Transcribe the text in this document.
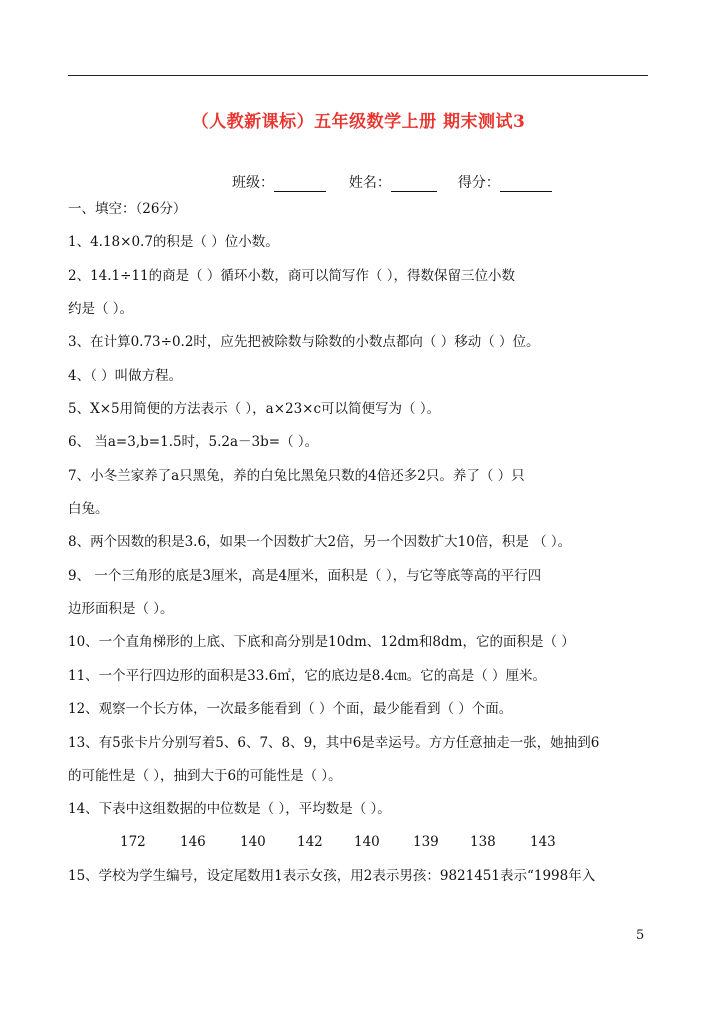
（人教新课标）五年级数学上册 期末测试3
班级：	姓名：	得分：
一、填空：（26分）
1、4.18×0.7的积是（ ）位小数。
2、14.1÷11的商是（ ）循环小数，商可以简写作（ ），得数保留三位小数
约是（ ）。
3、在计算0.73÷0.2时，应先把被除数与除数的小数点都向（ ）移动（ ）位。
4、（ ）叫做方程。
5、X×5用简便的方法表示（ ），a×23×c可以简便写为（ ）。
6、 当a=3,b=1.5时，5.2a－3b=（ ）。
7、小冬兰家养了a只黑兔，养的白兔比黑兔只数的4倍还多2只。养了（ ）只
白兔。
8、两个因数的积是3.6，如果一个因数扩大2倍，另一个因数扩大10倍，积是 （ ）。
9、 一个三角形的底是3厘米，高是4厘米，面积是（ ），与它等底等高的平行四
边形面积是（ ）。
10、一个直角梯形的上底、下底和高分别是10dm、12dm和8dm，它的面积是（ ）
11、一个平行四边形的面积是33.6㎡，它的底边是8.4㎝。它的高是（ ）厘米。
12、观察一个长方体，一次最多能看到（ ）个面，最少能看到（ ）个面。
13、有5张卡片分别写着5、6、7、8、9，其中6是幸运号。方方任意抽走一张，她抽到6
的可能性是（ ），抽到大于6的可能性是（ ）。
14、下表中这组数据的中位数是（ ），平均数是（ ）。
172	146	140 142 140 139 138	143
15、学校为学生编号，设定尾数用1表示女孩，用2表示男孩：9821451表示“1998年入
5
